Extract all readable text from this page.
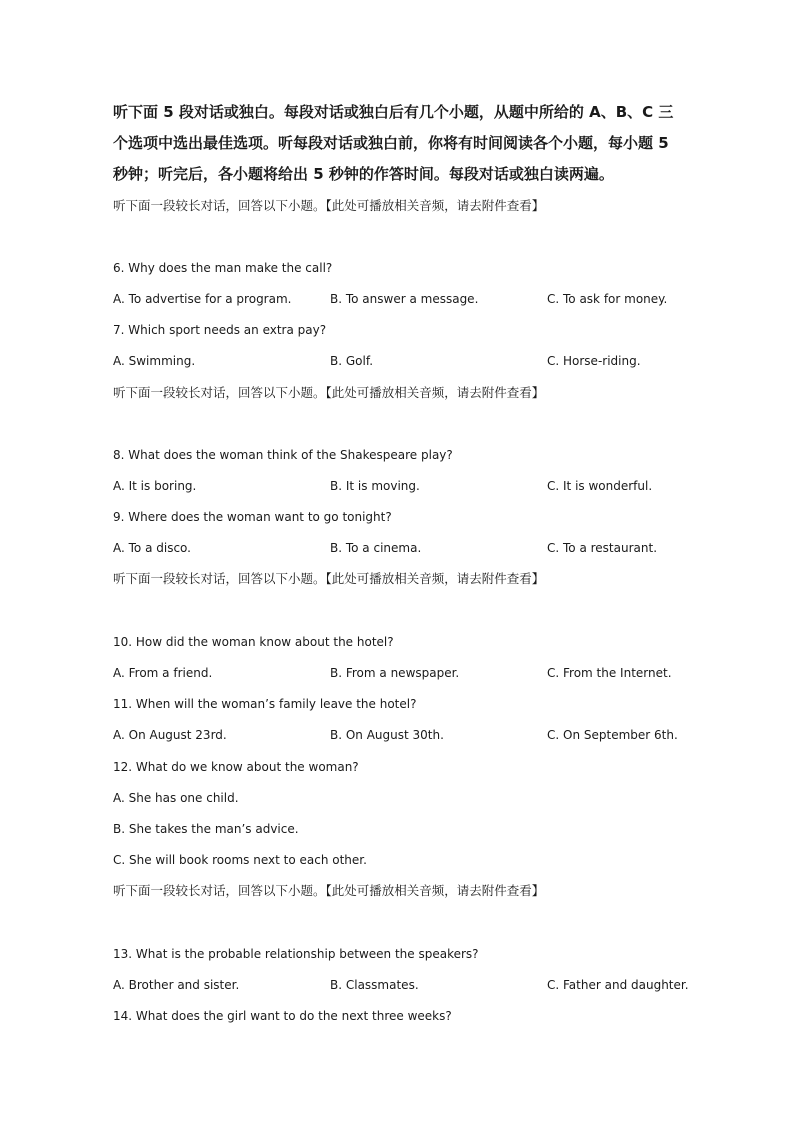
听下面 5 段对话或独白。每段对话或独白后有几个小题，从题中所给的 A、B、C 三
个选项中选出最佳选项。听每段对话或独白前，你将有时间阅读各个小题，每小题 5
秒钟；听完后，各小题将给出 5 秒钟的作答时间。每段对话或独白读两遍。
听下面一段较长对话，回答以下小题。【此处可播放相关音频，请去附件查看】
6. Why does the man make the call?
A. To advertise for a program.	B. To answer a message.	C. To ask for money.
7. Which sport needs an extra pay?
A. Swimming.	B. Golf.	C. Horse-riding.
听下面一段较长对话，回答以下小题。【此处可播放相关音频，请去附件查看】
8. What does the woman think of the Shakespeare play?
A. It is boring.	B. It is moving.	C. It is wonderful.
9. Where does the woman want to go tonight?
A. To a disco.	B. To a cinema.	C. To a restaurant.
听下面一段较长对话，回答以下小题。【此处可播放相关音频，请去附件查看】
10. How did the woman know about the hotel?
A. From a friend.	B. From a newspaper.	C. From the Internet.
11. When will the woman’s family leave the hotel?
A. On August 23rd.	B. On August 30th.	C. On September 6th.
12. What do we know about the woman?
A. She has one child.
B. She takes the man’s advice.
C. She will book rooms next to each other.
听下面一段较长对话，回答以下小题。【此处可播放相关音频，请去附件查看】
13. What is the probable relationship between the speakers?
A. Brother and sister.	B. Classmates.	C. Father and daughter.
14. What does the girl want to do the next three weeks?
